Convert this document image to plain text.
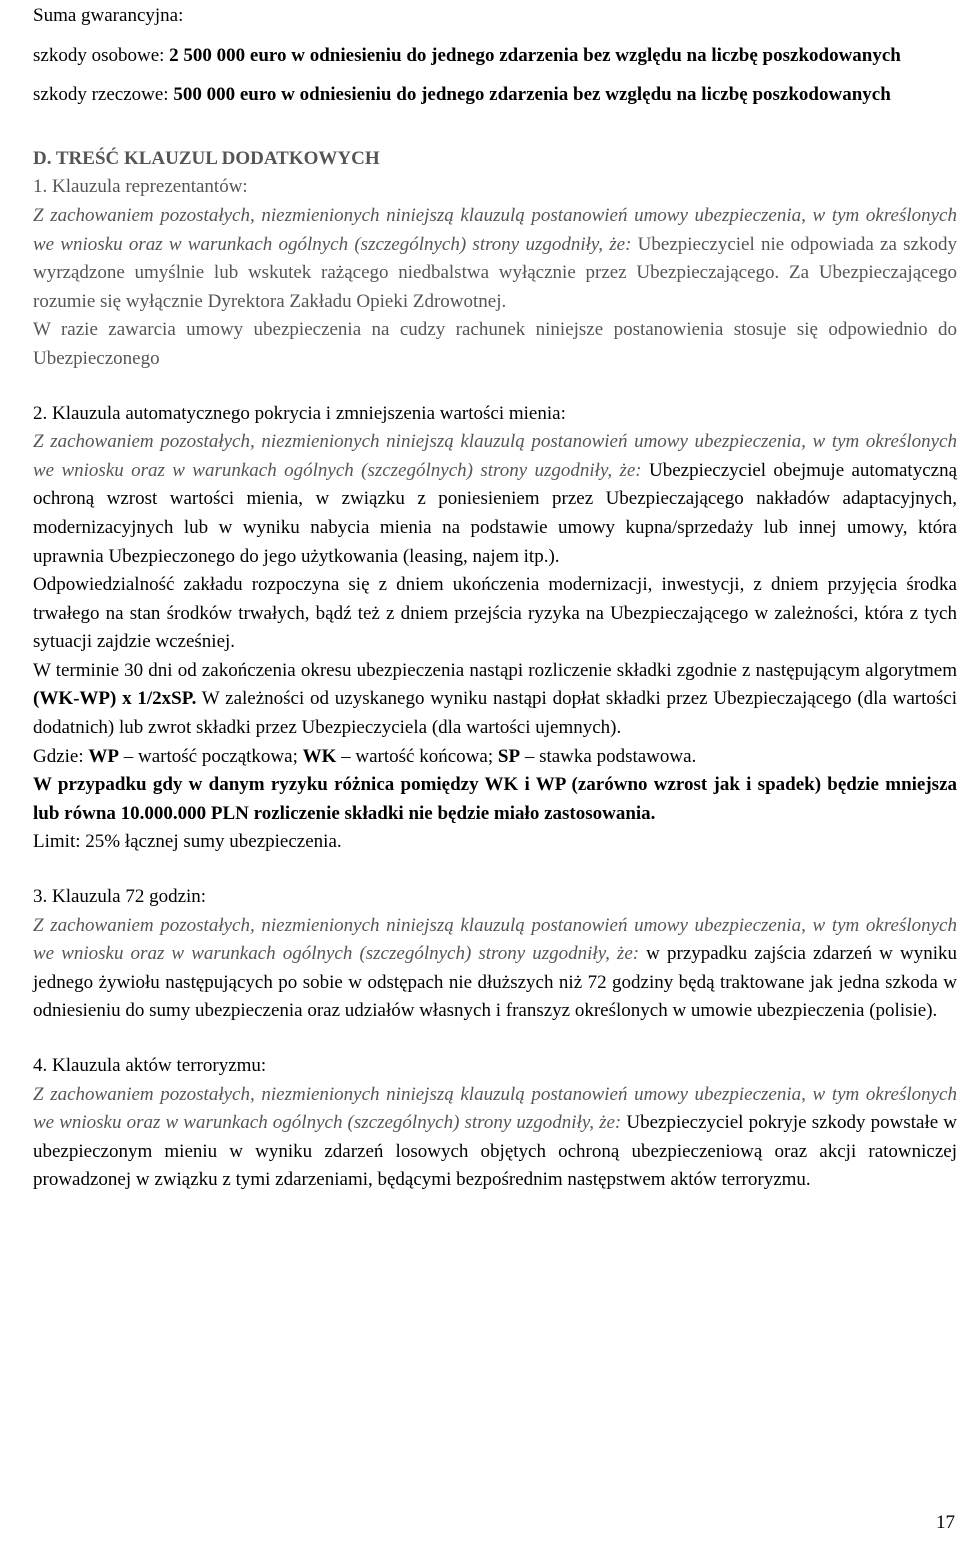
Suma gwarancyjna:

szkody osobowe: 2 500 000 euro w odniesieniu do jednego zdarzenia bez względu na liczbę poszkodowanych

szkody rzeczowe: 500 000 euro w odniesieniu do jednego zdarzenia bez względu na liczbę poszkodowanych

D. TREŚĆ KLAUZUL DODATKOWYCH

1. Klauzula reprezentantów:

Z zachowaniem pozostałych, niezmienionych niniejszą klauzulą postanowień umowy ubezpieczenia, w tym określonych we wniosku oraz w warunkach ogólnych (szczególnych) strony uzgodniły, że: Ubezpieczyciel nie odpowiada za szkody wyrządzone umyślnie lub wskutek rażącego niedbalstwa wyłącznie przez Ubezpieczającego. Za Ubezpieczającego rozumie się wyłącznie Dyrektora Zakładu Opieki Zdrowotnej.

W razie zawarcia umowy ubezpieczenia na cudzy rachunek niniejsze postanowienia stosuje się odpowiednio do Ubezpieczonego

2. Klauzula automatycznego pokrycia i zmniejszenia wartości mienia:

Z zachowaniem pozostałych, niezmienionych niniejszą klauzulą postanowień umowy ubezpieczenia, w tym określonych we wniosku oraz w warunkach ogólnych (szczególnych) strony uzgodniły, że: Ubezpieczyciel obejmuje automatyczną ochroną wzrost wartości mienia, w związku z poniesieniem przez Ubezpieczającego nakładów adaptacyjnych, modernizacyjnych lub w wyniku nabycia mienia na podstawie umowy kupna/sprzedaży lub innej umowy, która uprawnia Ubezpieczonego do jego użytkowania (leasing, najem itp.).

Odpowiedzialność zakładu rozpoczyna się z dniem ukończenia modernizacji, inwestycji, z dniem przyjęcia środka trwałego na stan środków trwałych, bądź też z dniem przejścia ryzyka na Ubezpieczającego w zależności, która z tych sytuacji zajdzie wcześniej.

W terminie 30 dni od zakończenia okresu ubezpieczenia nastąpi rozliczenie składki zgodnie z następującym algorytmem (WK-WP) x 1/2xSP. W zależności od uzyskanego wyniku nastąpi dopłat składki przez Ubezpieczającego (dla wartości dodatnich) lub zwrot składki przez Ubezpieczyciela (dla wartości ujemnych).

Gdzie: WP – wartość początkowa; WK – wartość końcowa; SP – stawka podstawowa.

W przypadku gdy w danym ryzyku różnica pomiędzy WK i WP (zarówno wzrost jak i spadek) będzie mniejsza lub równa 10.000.000 PLN rozliczenie składki nie będzie miało zastosowania.

Limit: 25% łącznej sumy ubezpieczenia.

3. Klauzula 72 godzin:

Z zachowaniem pozostałych, niezmienionych niniejszą klauzulą postanowień umowy ubezpieczenia, w tym określonych we wniosku oraz w warunkach ogólnych (szczególnych) strony uzgodniły, że: w przypadku zajścia zdarzeń w wyniku jednego żywiołu następujących po sobie w odstępach nie dłuższych niż 72 godziny będą traktowane jak jedna szkoda w odniesieniu do sumy ubezpieczenia oraz udziałów własnych i franszyz określonych w umowie ubezpieczenia (polisie).

4. Klauzula aktów terroryzmu:

Z zachowaniem pozostałych, niezmienionych niniejszą klauzulą postanowień umowy ubezpieczenia, w tym określonych we wniosku oraz w warunkach ogólnych (szczególnych) strony uzgodniły, że: Ubezpieczyciel pokryje szkody powstałe w ubezpieczonym mieniu w wyniku zdarzeń losowych objętych ochroną ubezpieczeniową oraz akcji ratowniczej prowadzonej w związku z tymi zdarzeniami, będącymi bezpośrednim następstwem aktów terroryzmu.

17
